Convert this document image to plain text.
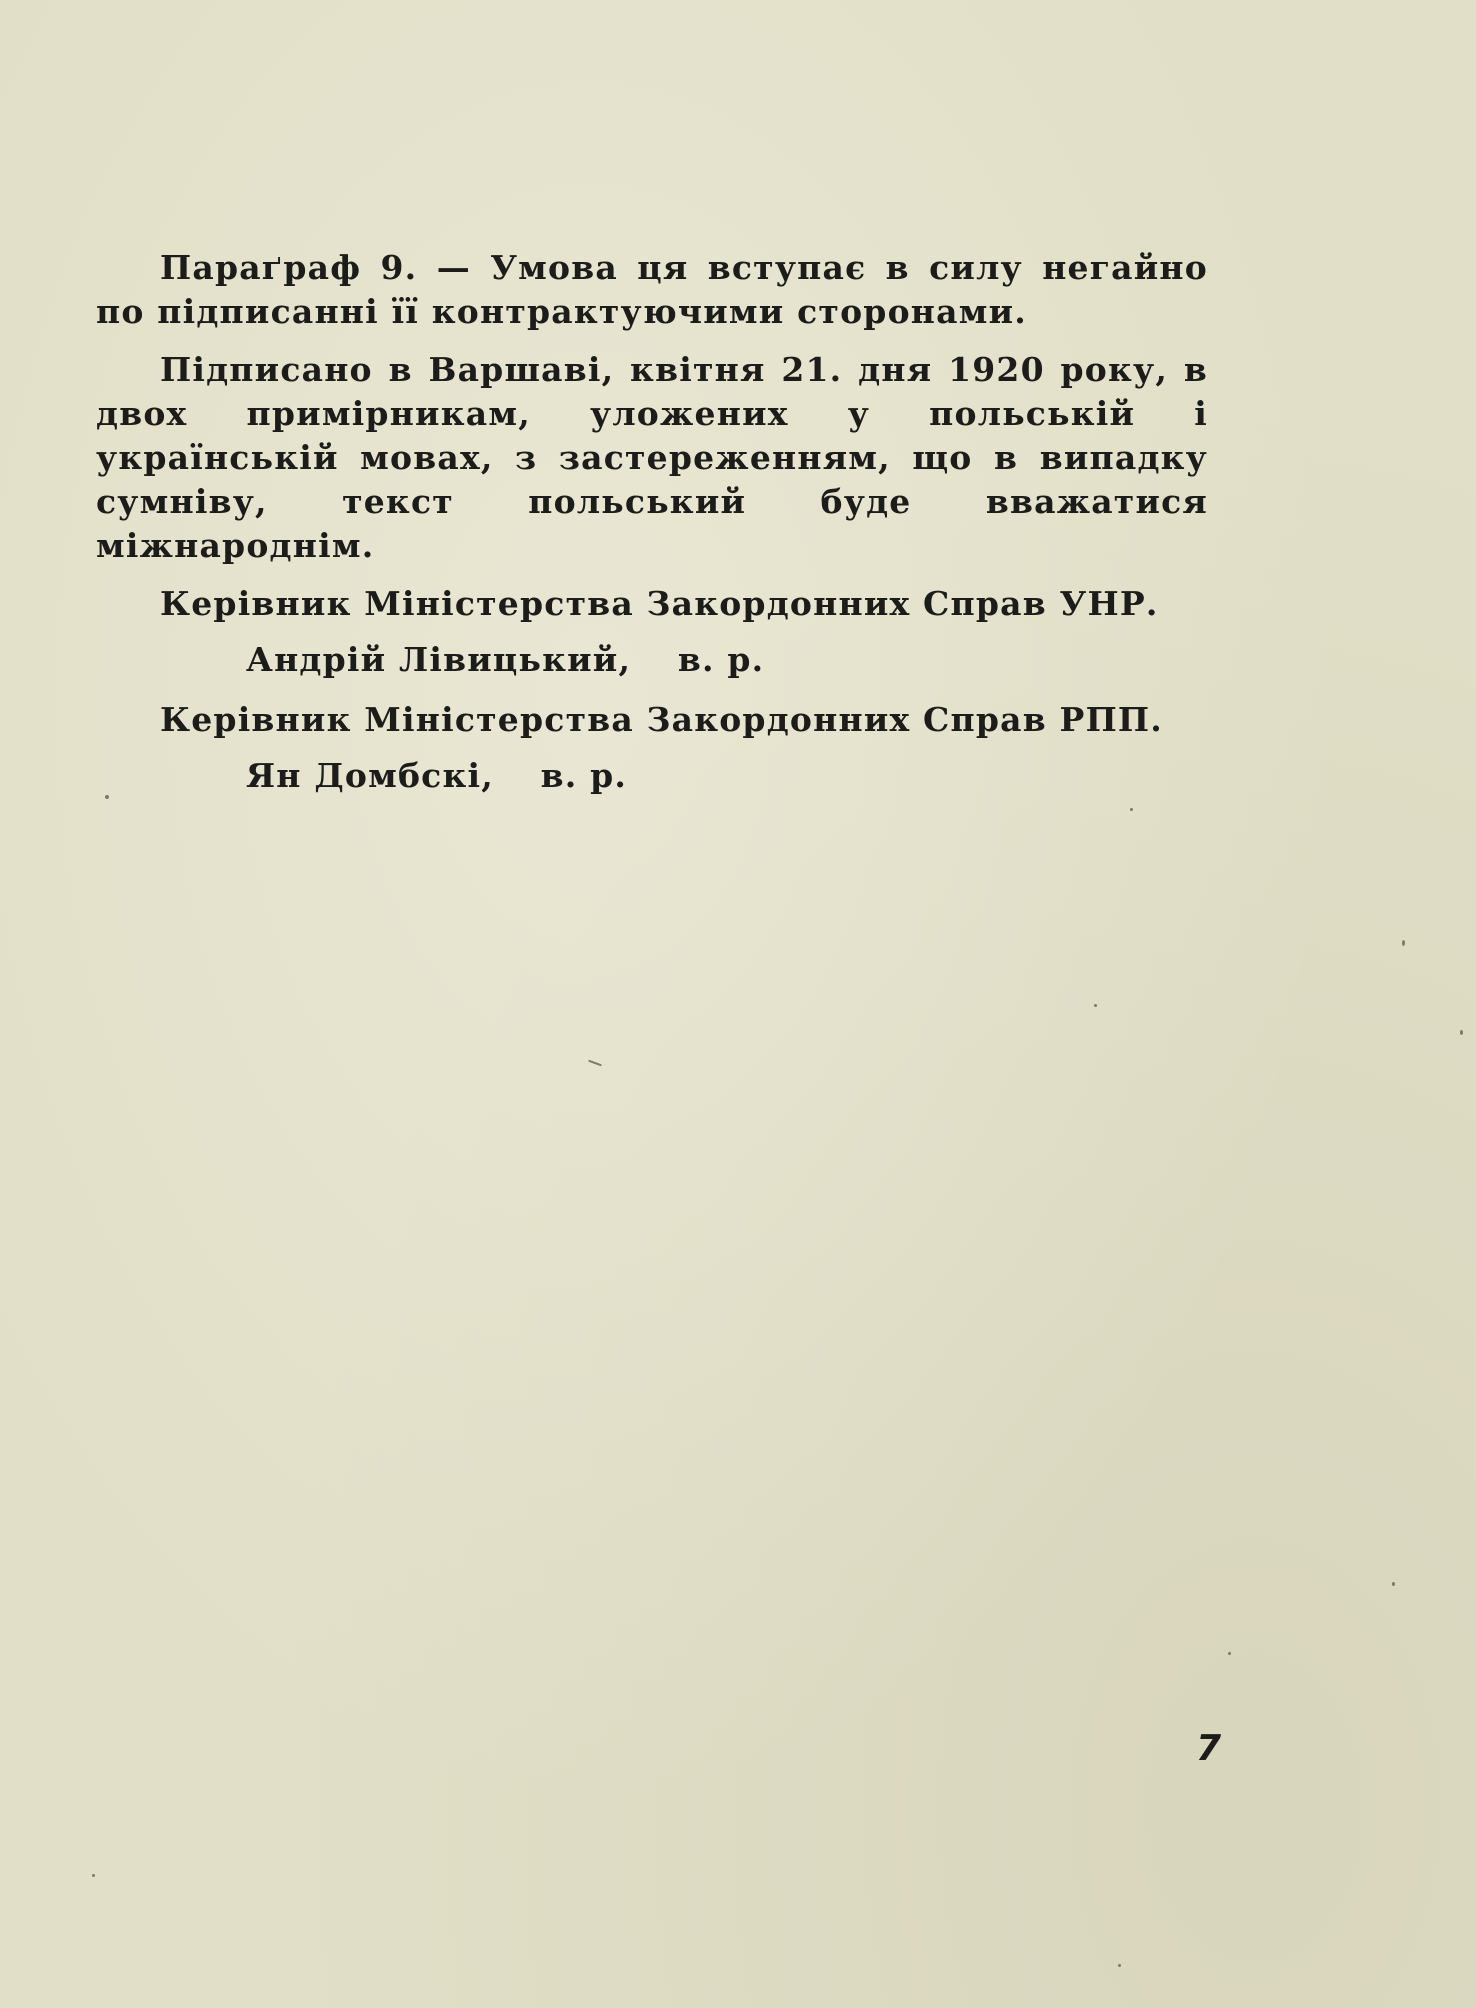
Параґраф 9. — Умова ця вступає в силу негайно по підписанні її контрактуючими сторонами.

Підписано в Варшаві, квітня 21. дня 1920 року, в двох примірникам, уложених у польській і українській мовах, з застереженням, що в випадку сумніву, текст польський буде вважатися міжнароднім.

Керівник Міністерства Закордонних Справ УНР.

Андрій Лівицький, в. р.

Керівник Міністерства Закордонних Справ РПП.

Ян Домбскі, в. р.

7
